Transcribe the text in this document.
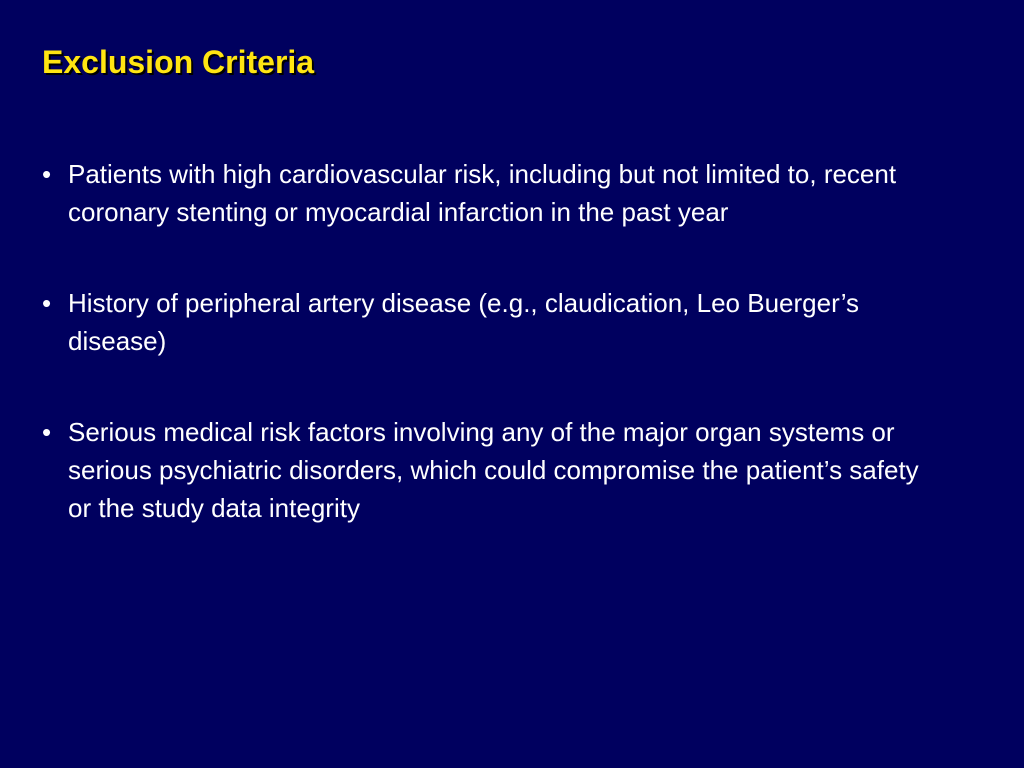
Exclusion Criteria
• Patients with high cardiovascular risk, including but not limited to, recent coronary stenting or myocardial infarction in the past year
• History of peripheral artery disease (e.g., claudication, Leo Buerger’s disease)
• Serious medical risk factors involving any of the major organ systems or serious psychiatric disorders, which could compromise the patient’s safety or the study data integrity
